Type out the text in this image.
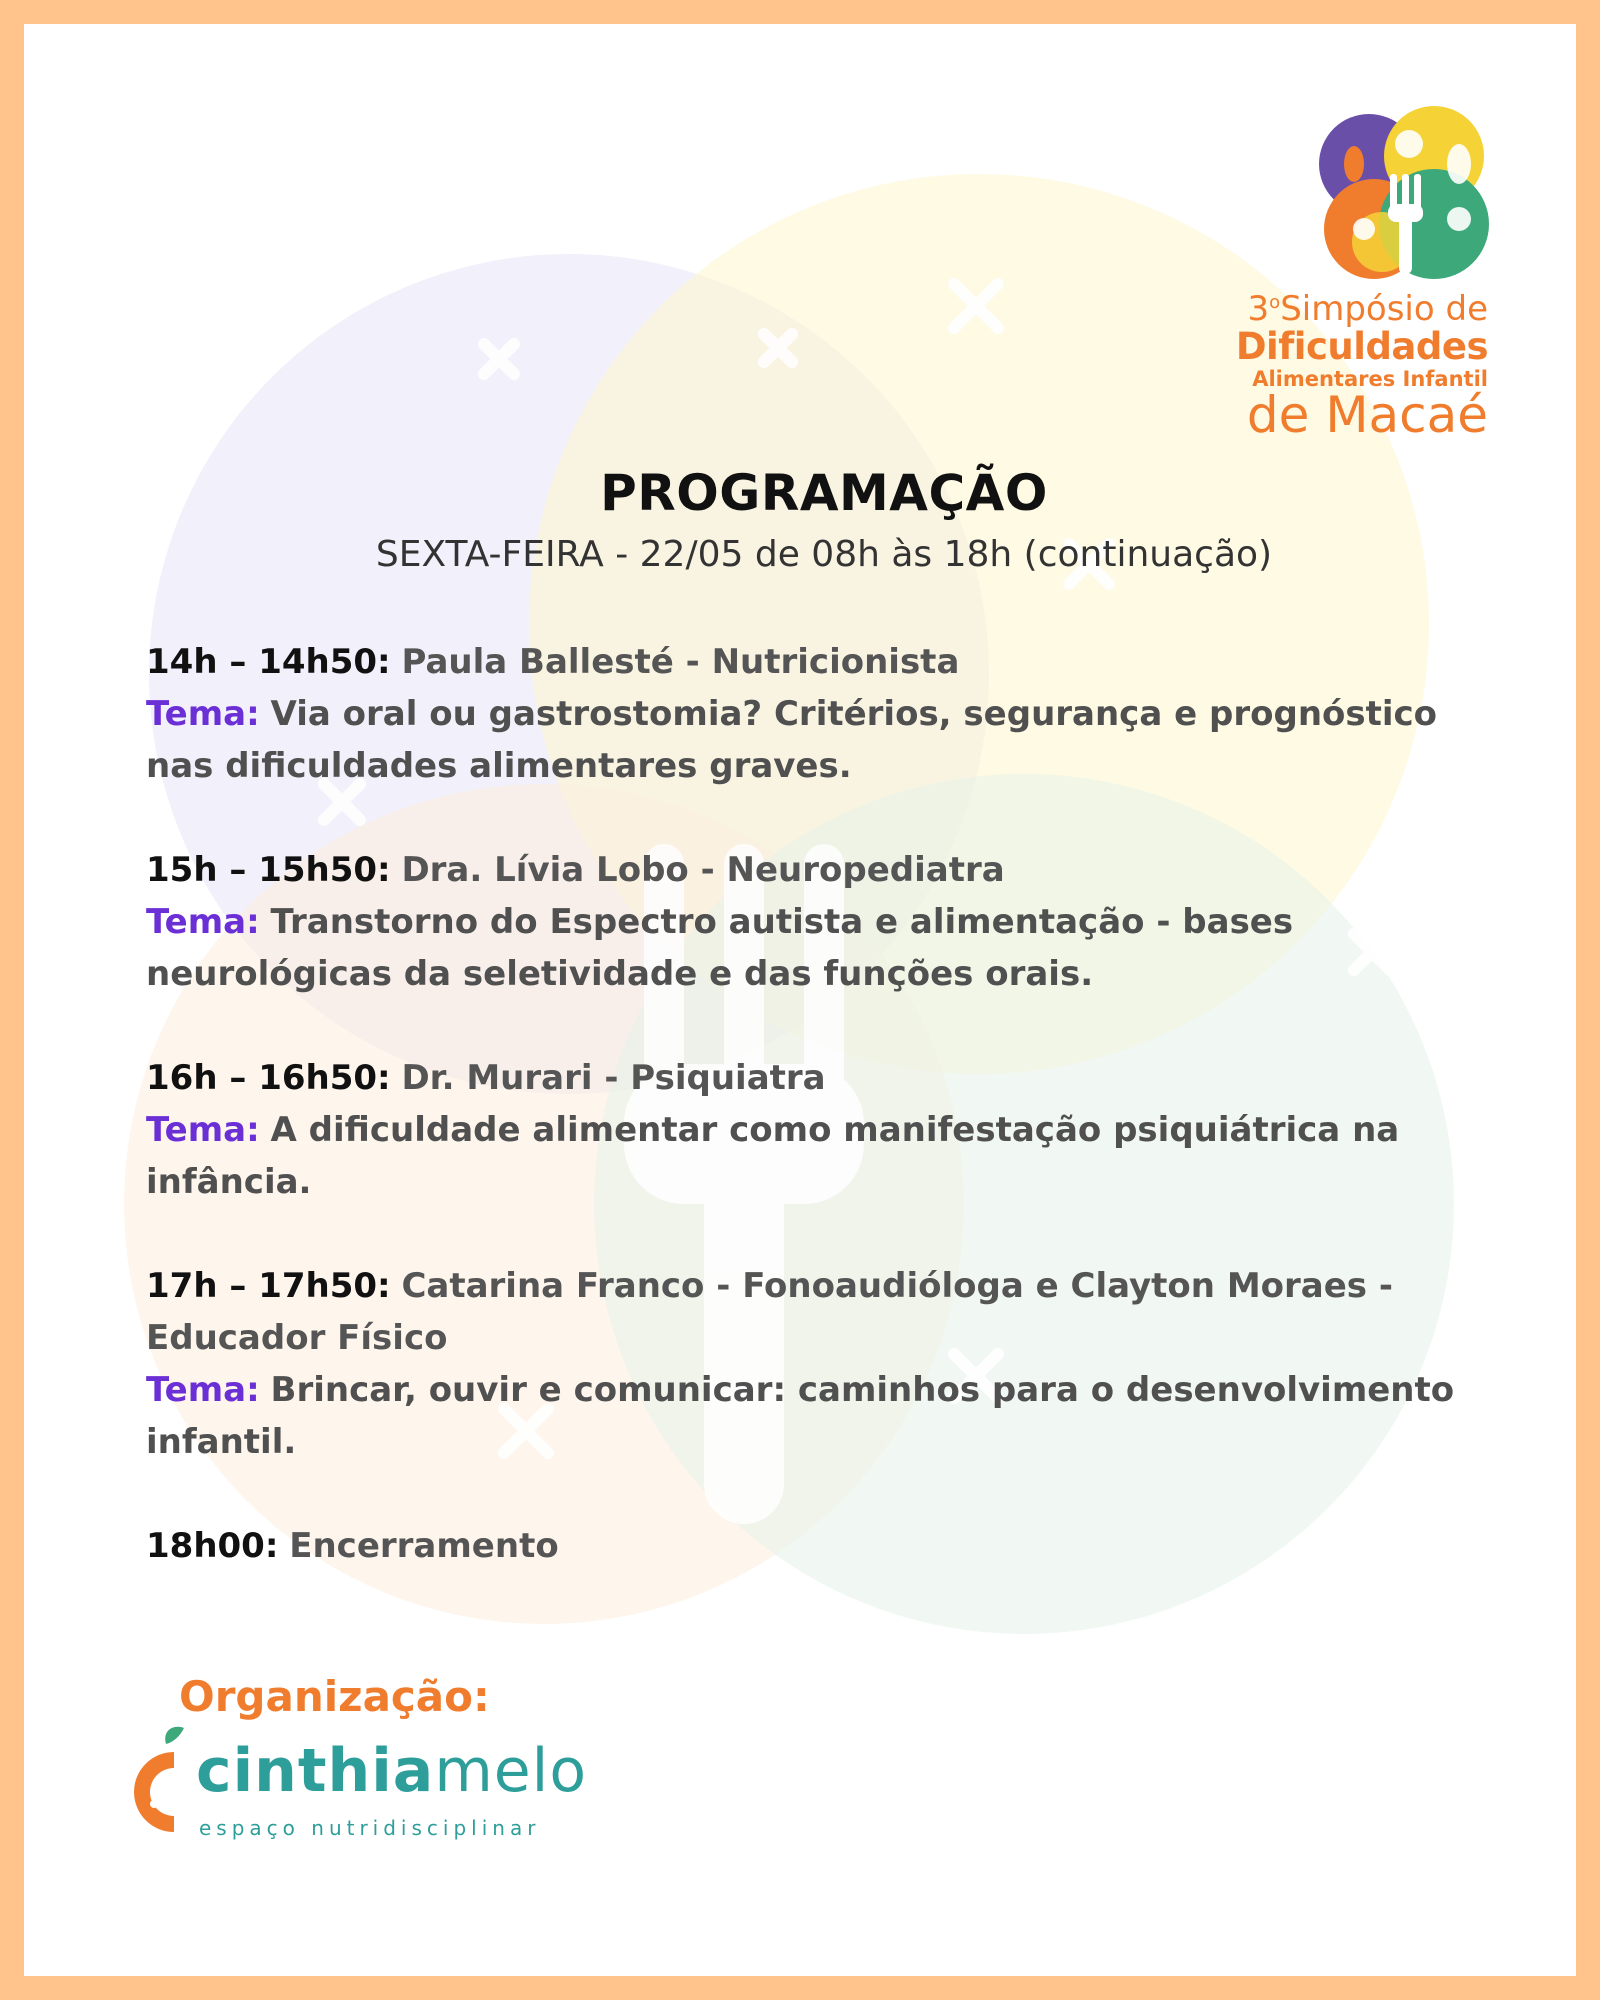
3$^o$Simpósio de
Dificuldades
Alimentares Infantil
de Macaé
PROGRAMAÇÃO
SEXTA-FEIRA - 22/05 de 08h às 18h (continuação)

14h – 14h50: Paula Ballesté - Nutricionista

Tema: Via oral ou gastrostomia? Critérios, segurança e prognóstico nas dificuldades alimentares graves.

15h – 15h50: Dra. Lívia Lobo - Neuropediatra

Tema: Transtorno do Espectro autista e alimentação - bases neurológicas da seletividade e das funções orais.

16h – 16h50: Dr. Murari - Psiquiatra

Tema: A dificuldade alimentar como manifestação psiquiátrica na infância.

17h – 17h50: Catarina Franco - Fonoaudióloga e Clayton Moraes - Educador Físico

Tema: Brincar, ouvir e comunicar: caminhos para o desenvolvimento infantil.

18h00: Encerramento

Organização:
cinthiamelo
espaço nutridisciplinar
